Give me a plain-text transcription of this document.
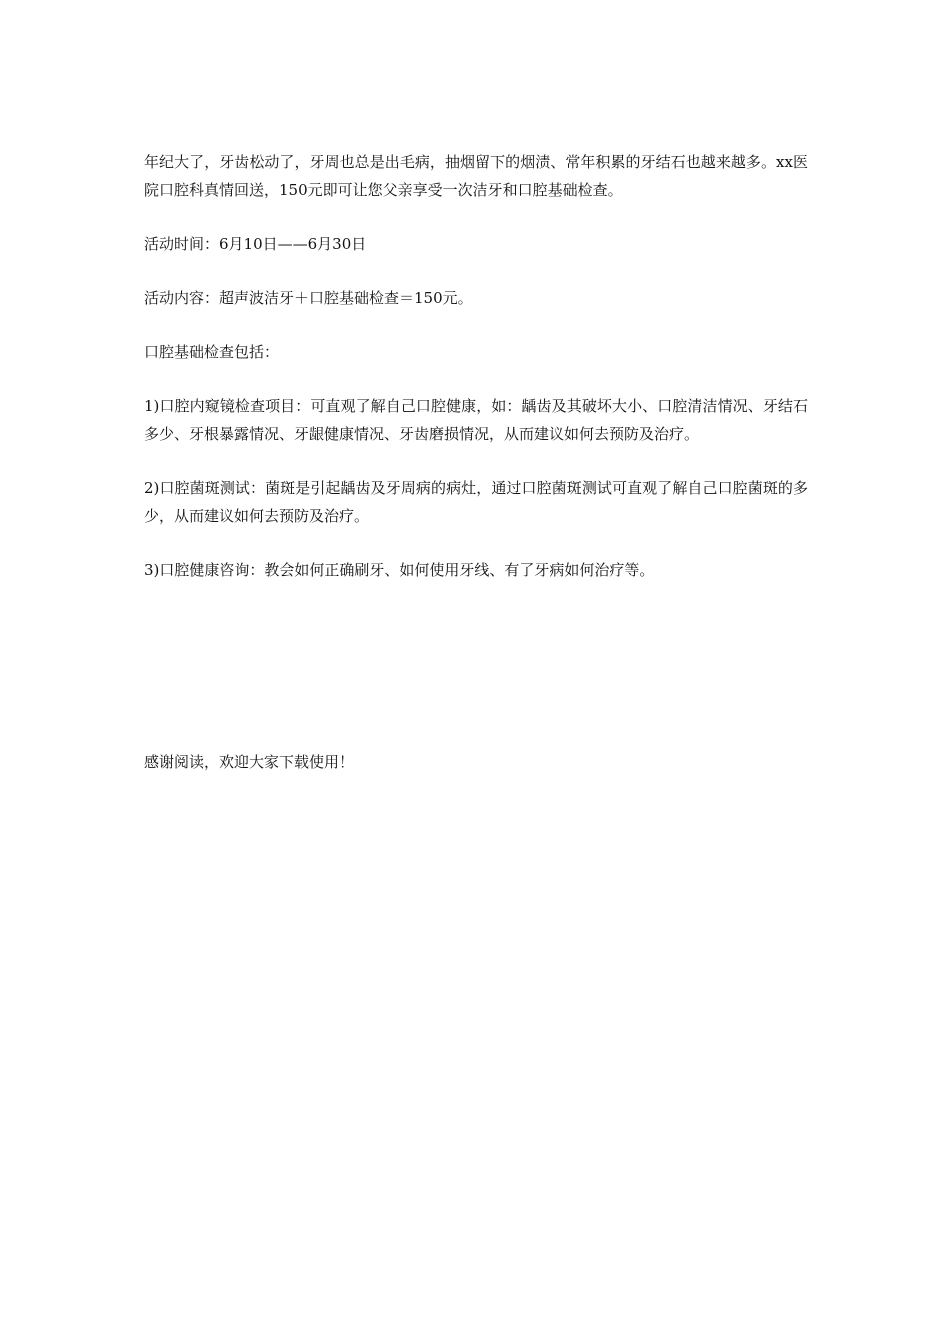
年纪大了，牙齿松动了，牙周也总是出毛病，抽烟留下的烟渍、常年积累的牙结石也越来越多。xx医院口腔科真情回送，150元即可让您父亲享受一次洁牙和口腔基础检查。

活动时间：6月10日——6月30日

活动内容：超声波洁牙＋口腔基础检查＝150元。

口腔基础检查包括：

1)口腔内窥镜检查项目：可直观了解自己口腔健康，如：龋齿及其破坏大小、口腔清洁情况、牙结石多少、牙根暴露情况、牙龈健康情况、牙齿磨损情况，从而建议如何去预防及治疗。

2)口腔菌斑测试：菌斑是引起龋齿及牙周病的病灶，通过口腔菌斑测试可直观了解自己口腔菌斑的多少，从而建议如何去预防及治疗。

3)口腔健康咨询：教会如何正确刷牙、如何使用牙线、有了牙病如何治疗等。

感谢阅读，欢迎大家下载使用！
